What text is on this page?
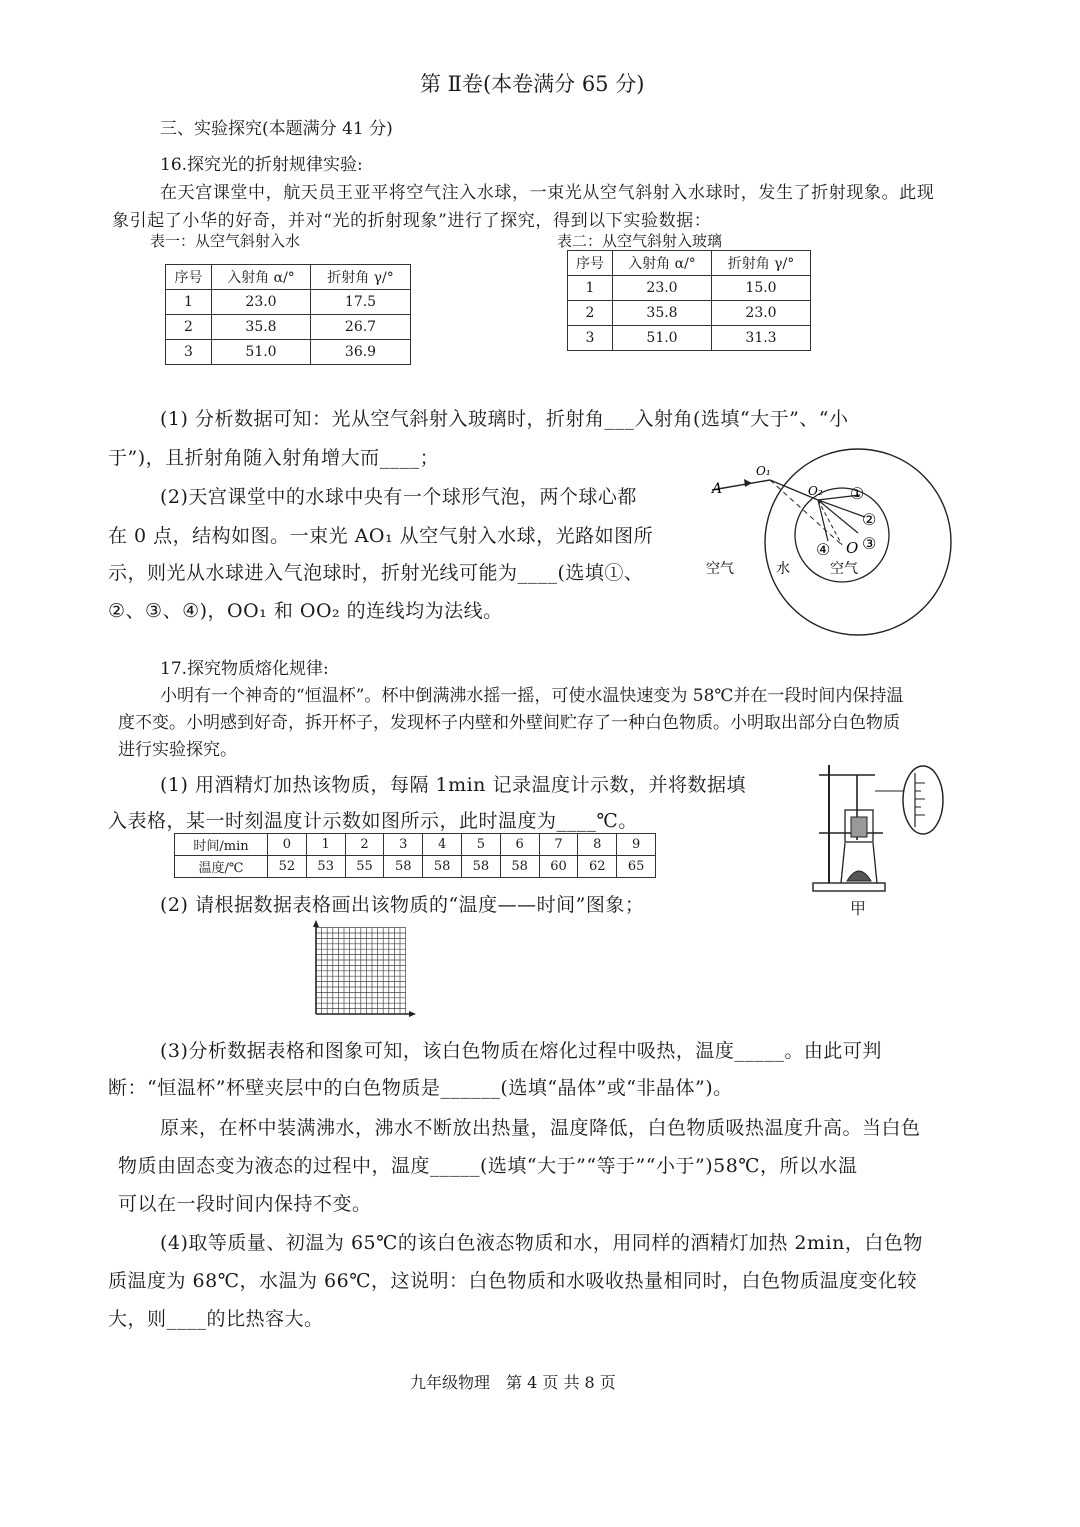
第 Ⅱ卷(本卷满分 65 分)
三、实验探究(本题满分 41 分)
16.探究光的折射规律实验:
在天宫课堂中，航天员王亚平将空气注入水球，一束光从空气斜射入水球时，发生了折射现象。此现
象引起了小华的好奇，并对“光的折射现象”进行了探究，得到以下实验数据：
表一：从空气斜射入水
序号	入射角 α/°	折射角 γ/°
1	23.0	17.5
2	35.8	26.7
3	51.0	36.9
表二：从空气斜射入玻璃
序号	入射角 α/°	折射角 γ/°
1	23.0	15.0
2	35.8	23.0
3	51.0	31.3
(1) 分析数据可知：光从空气斜射入玻璃时，折射角___入射角(选填“大于”、“小
于”)，且折射角随入射角增大而____；
(2)天宫课堂中的水球中央有一个球形气泡，两个球心都
在 0 点，结构如图。一束光 AO₁ 从空气射入水球，光路如图所
示，则光从水球进入气泡球时，折射光线可能为____(选填①、
②、③、④)，OO₁ 和 OO₂ 的连线均为法线。
A
O₁
O₂
O
①
②
③
④
空气	水	空气
17.探究物质熔化规律:
小明有一个神奇的“恒温杯”。杯中倒满沸水摇一摇，可使水温快速变为 58℃并在一段时间内保持温
度不变。小明感到好奇，拆开杯子，发现杯子内壁和外壁间贮存了一种白色物质。小明取出部分白色物质
进行实验探究。
(1) 用酒精灯加热该物质，每隔 1min 记录温度计示数，并将数据填
入表格，某一时刻温度计示数如图所示，此时温度为____℃。
时间/min	0	1	2	3	4	5	6	7	8	9
温度/℃	52	53	55	58	58	58	58	60	62	65
甲
(2) 请根据数据表格画出该物质的“温度——时间”图象；
(3)分析数据表格和图象可知，该白色物质在熔化过程中吸热，温度_____。由此可判
断：“恒温杯”杯壁夹层中的白色物质是______(选填“晶体”或“非晶体”)。
原来，在杯中装满沸水，沸水不断放出热量，温度降低，白色物质吸热温度升高。当白色
物质由固态变为液态的过程中，温度_____(选填“大于”“等于”“小于”)58℃，所以水温
可以在一段时间内保持不变。
(4)取等质量、初温为 65℃的该白色液态物质和水，用同样的酒精灯加热 2min，白色物
质温度为 68℃，水温为 66℃，这说明：白色物质和水吸收热量相同时，白色物质温度变化较
大，则____的比热容大。
九年级物理　第 4 页 共 8 页
